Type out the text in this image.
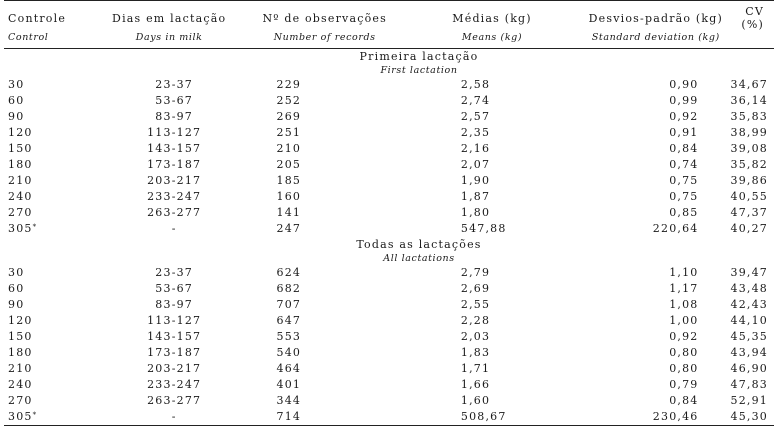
Controle	Dias em lactação	Nº de observações	Médias (kg)	Desvios-padrão (kg)	CV (%)
Control	Days in milk	Number of records	Means (kg)	Standard deviation (kg)	
Primeira lactação					
First lactation					
30	23-37	229	2,58	0,90	34,67
60	53-67	252	2,74	0,99	36,14
90	83-97	269	2,57	0,92	35,83
120	113-127	251	2,35	0,91	38,99
150	143-157	210	2,16	0,84	39,08
180	173-187	205	2,07	0,74	35,82
210	203-217	185	1,90	0,75	39,86
240	233-247	160	1,87	0,75	40,55
270	263-277	141	1,80	0,85	47,37
305*	-	247	547,88	220,64	40,27
Todas as lactações					
All lactations					
30	23-37	624	2,79	1,10	39,47
60	53-67	682	2,69	1,17	43,48
90	83-97	707	2,55	1,08	42,43
120	113-127	647	2,28	1,00	44,10
150	143-157	553	2,03	0,92	45,35
180	173-187	540	1,83	0,80	43,94
210	203-217	464	1,71	0,80	46,90
240	233-247	401	1,66	0,79	47,83
270	263-277	344	1,60	0,84	52,91
305*	-	714	508,67	230,46	45,30
